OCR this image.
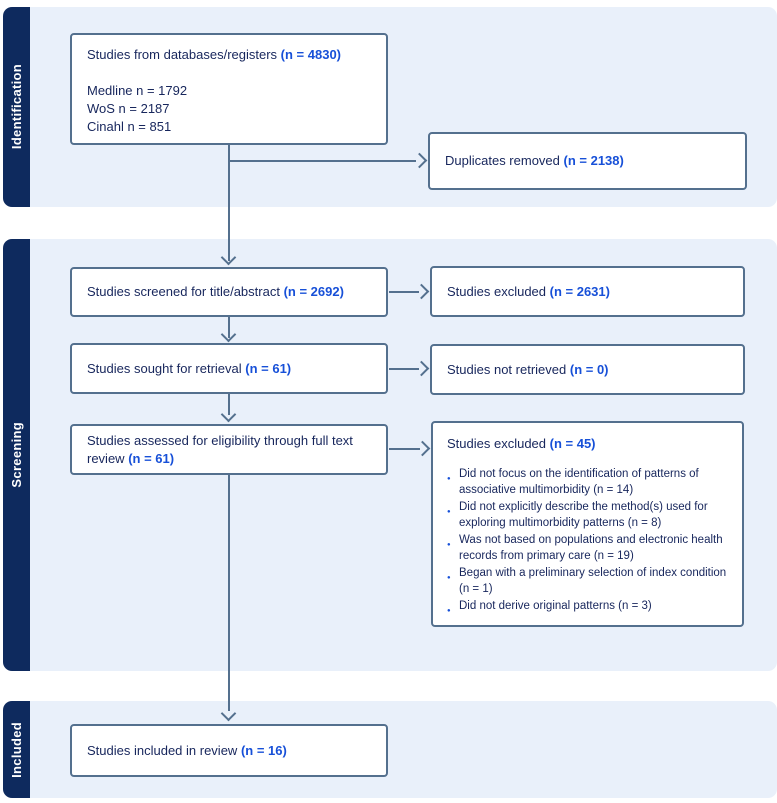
Identification
Screening
Included
Studies from databases/registers (n = 4830)
Medline n = 1792
WoS n = 2187
Cinahl n = 851
Duplicates removed (n = 2138)
Studies screened for title/abstract (n = 2692)	Studies excluded (n = 2631)
Studies sought for retrieval (n = 61)	Studies not retrieved (n = 0)
Studies assessed for eligibility through full text review (n = 61)
Studies excluded (n = 45)
● Did not focus on the identification of patterns of associative multimorbidity (n = 14)
● Did not explicitly describe the method(s) used for exploring multimorbidity patterns (n = 8)
● Was not based on populations and electronic health records from primary care (n = 19)
● Began with a preliminary selection of index condition (n = 1)
● Did not derive original patterns (n = 3)
Studies included in review (n = 16)
